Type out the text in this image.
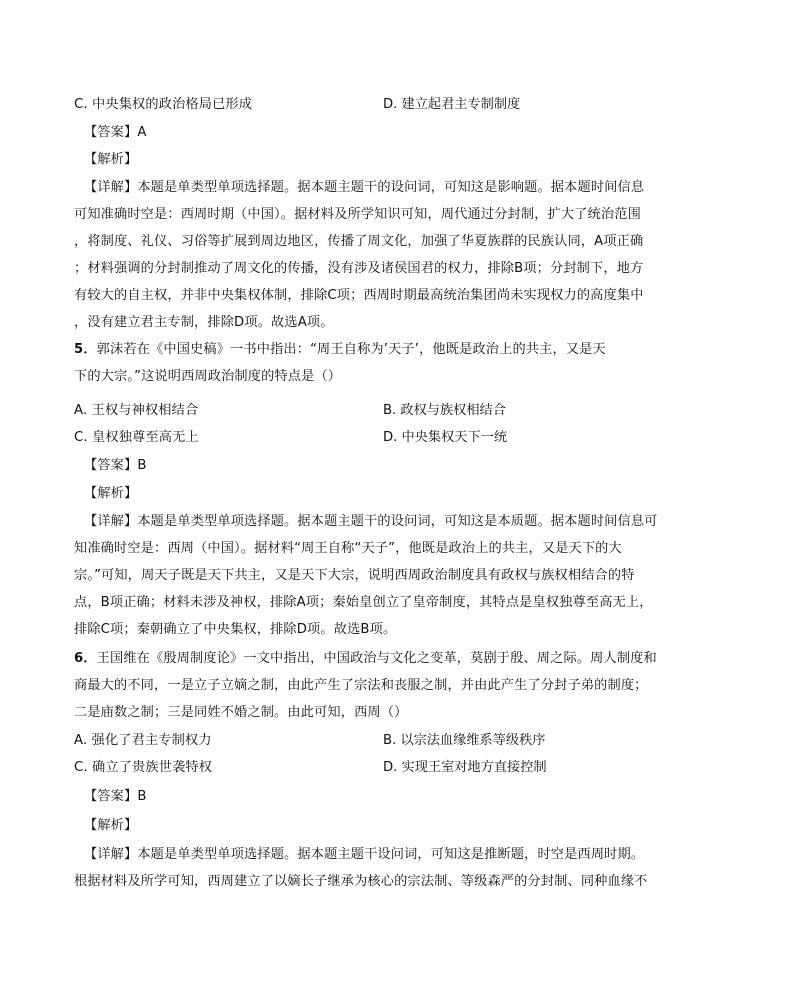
C. 中央集权的政治格局已形成	D. 建立起君主专制制度
【答案】A
【解析】
【详解】本题是单类型单项选择题。据本题主题干的设问词，可知这是影响题。据本题时间信息
可知准确时空是：西周时期（中国）。据材料及所学知识可知，周代通过分封制，扩大了统治范围
，将制度、礼仪、习俗等扩展到周边地区，传播了周文化，加强了华夏族群的民族认同，A项正确
；材料强调的分封制推动了周文化的传播，没有涉及诸侯国君的权力，排除B项；分封制下，地方
有较大的自主权，并非中央集权体制，排除C项；西周时期最高统治集团尚未实现权力的高度集中
，没有建立君主专制，排除D项。故选A项。
5．郭沫若在《中国史稿》一书中指出：“周王自称为’天子’，他既是政治上的共主，又是天
下的大宗。”这说明西周政治制度的特点是（）
A. 王权与神权相结合	B. 政权与族权相结合
C. 皇权独尊至高无上	D. 中央集权天下一统
【答案】B
【解析】
【详解】本题是单类型单项选择题。据本题主题干的设问词，可知这是本质题。据本题时间信息可
知准确时空是：西周（中国）。据材料“周王自称“天子”，他既是政治上的共主，又是天下的大
宗。”可知，周天子既是天下共主，又是天下大宗，说明西周政治制度具有政权与族权相结合的特
点，B项正确；材料未涉及神权，排除A项；秦始皇创立了皇帝制度，其特点是皇权独尊至高无上，
排除C项；秦朝确立了中央集权，排除D项。故选B项。
6．王国维在《殷周制度论》一文中指出，中国政治与文化之变革，莫剧于殷、周之际。周人制度和
商最大的不同，一是立子立嫡之制，由此产生了宗法和丧服之制，并由此产生了分封子弟的制度；
二是庙数之制；三是同姓不婚之制。由此可知，西周（）
A. 强化了君主专制权力	B. 以宗法血缘维系等级秩序
C. 确立了贵族世袭特权	D. 实现王室对地方直接控制
【答案】B
【解析】
【详解】本题是单类型单项选择题。据本题主题干设问词，可知这是推断题，时空是西周时期。
根据材料及所学可知，西周建立了以嫡长子继承为核心的宗法制、等级森严的分封制、同种血缘不
